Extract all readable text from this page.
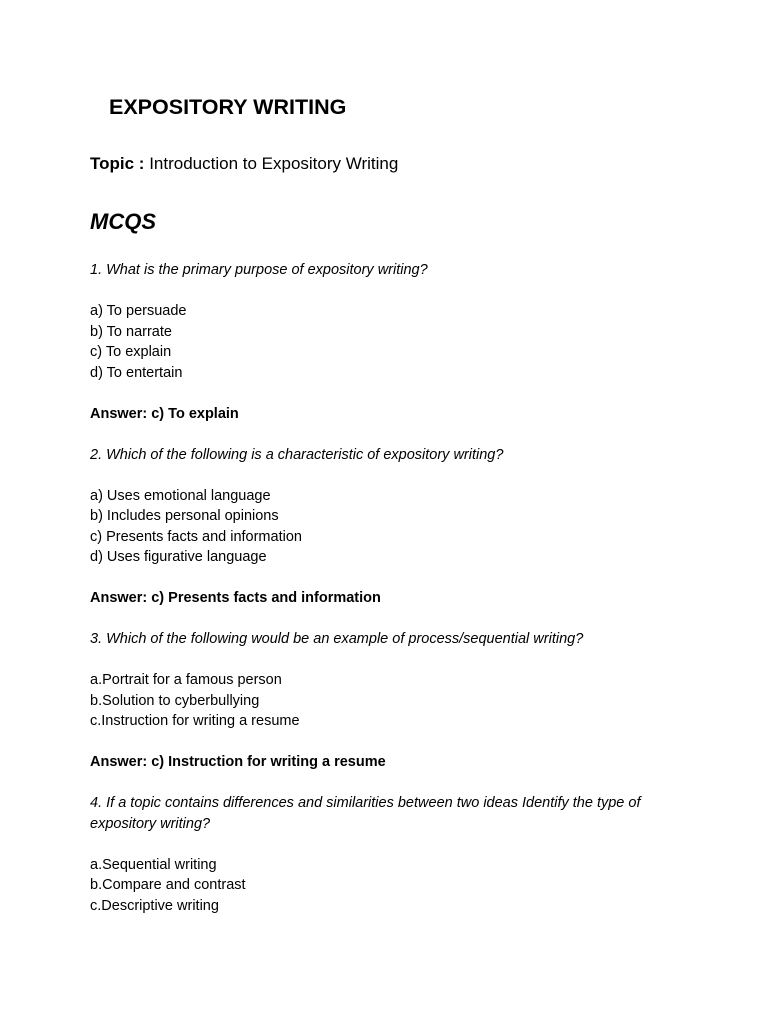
EXPOSITORY WRITING
Topic : Introduction to Expository Writing
MCQS

1. What is the primary purpose of expository writing?

a) To persuade
b) To narrate
c) To explain
d) To entertain

Answer: c) To explain

2. Which of the following is a characteristic of expository writing?

a) Uses emotional language
b) Includes personal opinions
c) Presents facts and information
d) Uses figurative language

Answer: c) Presents facts and information

3. Which of the following would be an example of process/sequential writing?

a.Portrait for a famous person
b.Solution to cyberbullying
c.Instruction for writing a resume

Answer: c) Instruction for writing a resume

4. If a topic contains differences and similarities between two ideas Identify the type of expository writing?

a.Sequential writing
b.Compare and contrast
c.Descriptive writing
